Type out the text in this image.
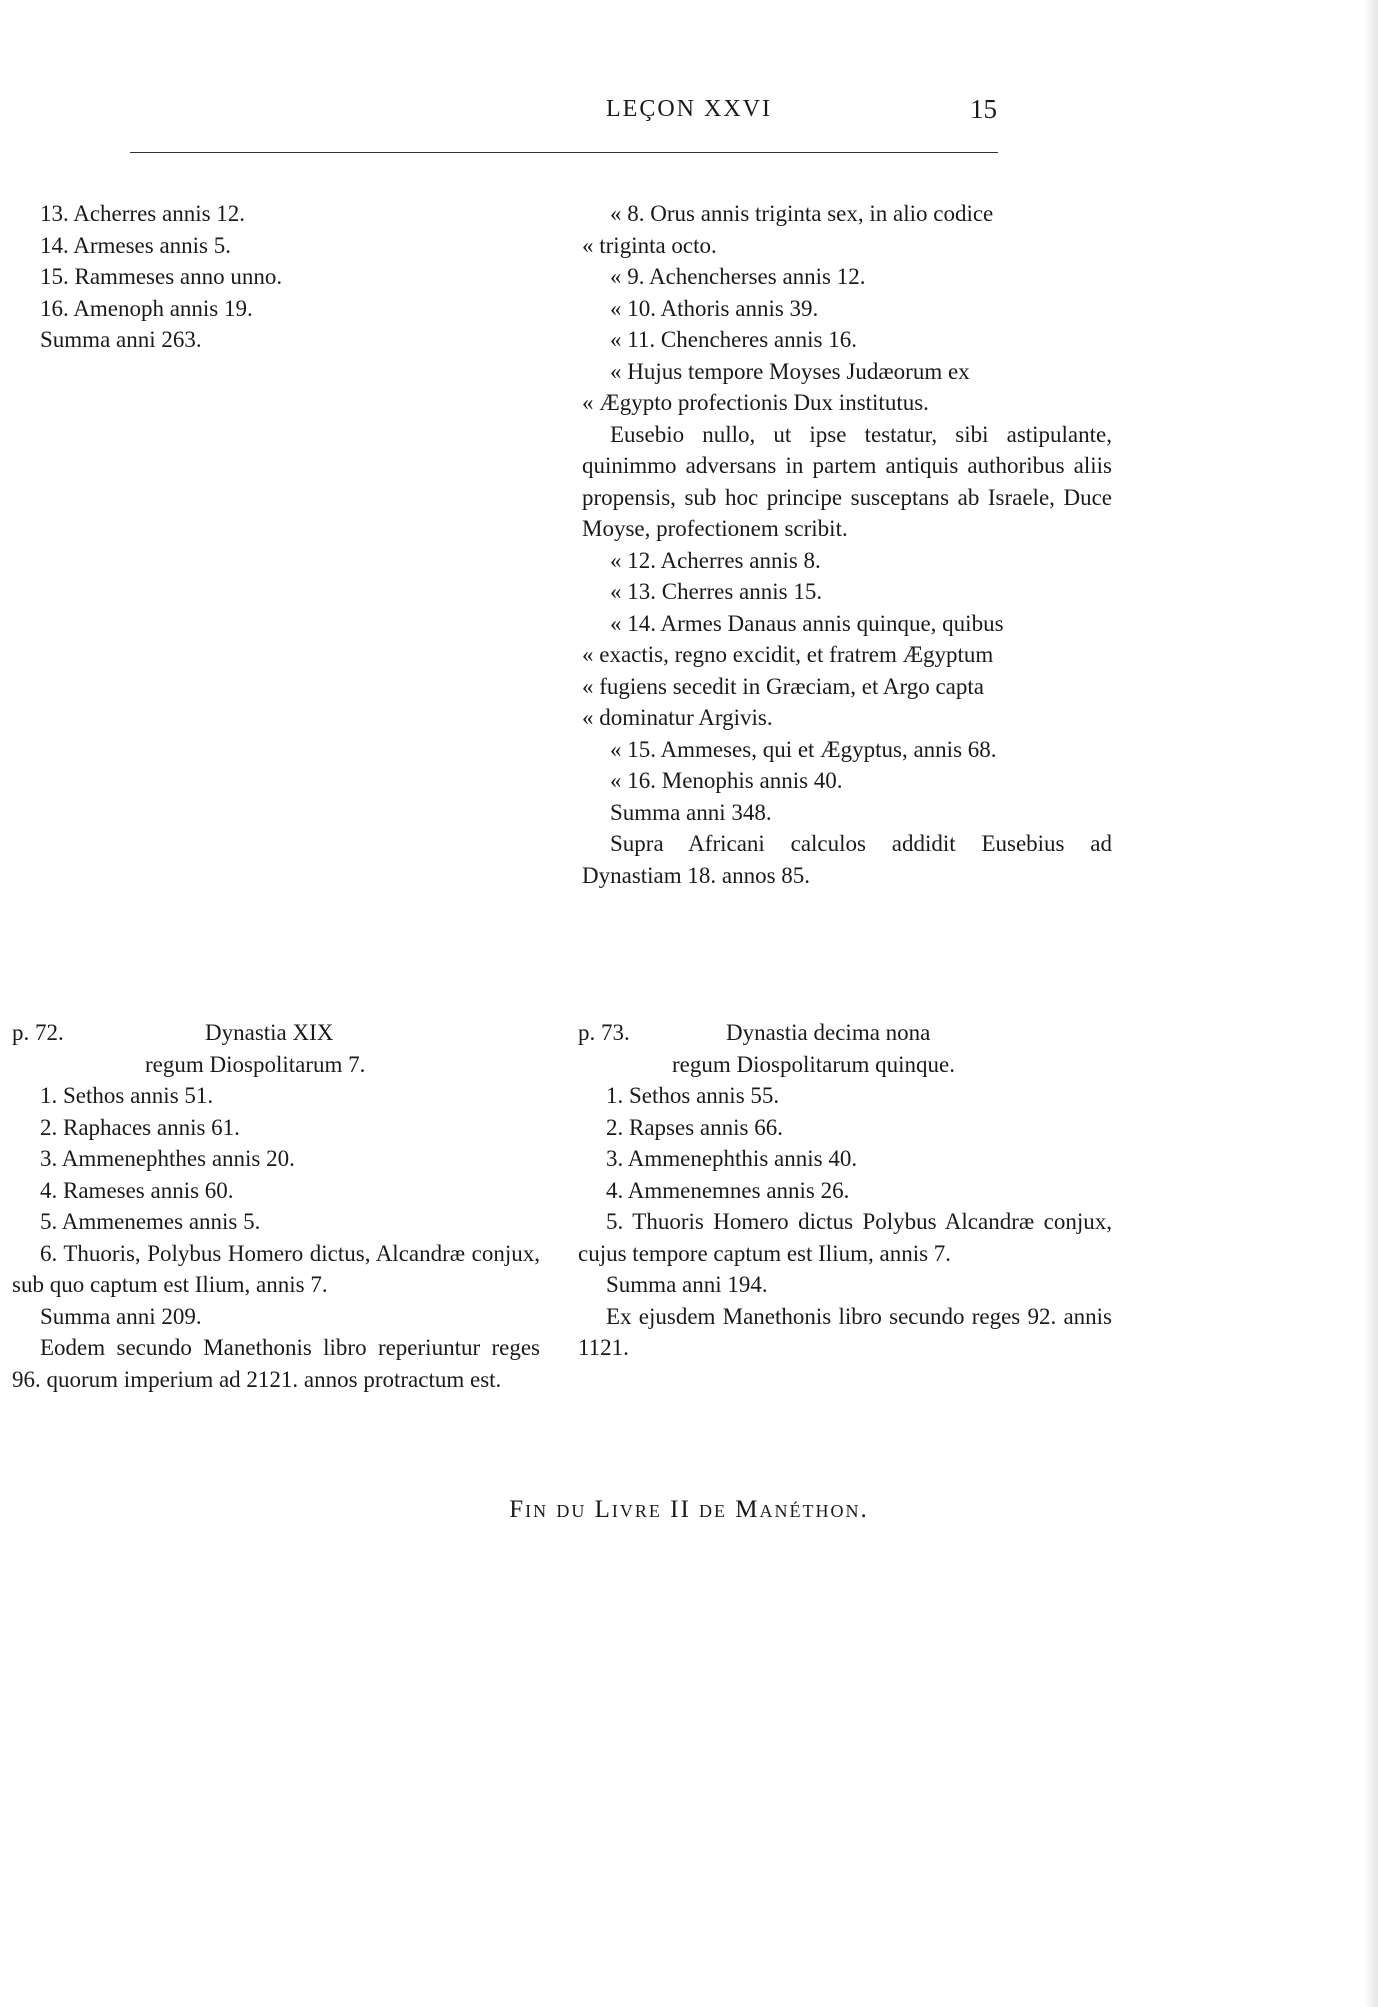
LEÇON XXVI	15
13. Acherres annis 12.
14. Armeses annis 5.
15. Rammeses anno unno.
16. Amenoph annis 19.
Summa anni 263.
« 8. Orus annis triginta sex, in alio codice
« triginta octo.
« 9. Achencherses annis 12.
« 10. Athoris annis 39.
« 11. Chencheres annis 16.
« Hujus tempore Moyses Judæorum ex
« Ægypto profectionis Dux institutus.
Eusebio nullo, ut ipse testatur, sibi astipulante, quinimmo adversans in partem antiquis authoribus aliis propensis, sub hoc principe susceptans ab Israele, Duce Moyse, profectionem scribit.
« 12. Acherres annis 8.
« 13. Cherres annis 15.
« 14. Armes Danaus annis quinque, quibus
« exactis, regno excidit, et fratrem Ægyptum
« fugiens secedit in Græciam, et Argo capta
« dominatur Argivis.
« 15. Ammeses, qui et Ægyptus, annis 68.
« 16. Menophis annis 40.
Summa anni 348.
Supra Africani calculos addidit Eusebius ad Dynastiam 18. annos 85.
p. 72.	Dynastia XIX
regum Diospolitarum 7.
1. Sethos annis 51.
2. Raphaces annis 61.
3. Ammenephthes annis 20.
4. Rameses annis 60.
5. Ammenemes annis 5.
6. Thuoris, Polybus Homero dictus, Alcandræ conjux, sub quo captum est Ilium, annis 7.
Summa anni 209.
Eodem secundo Manethonis libro reperiuntur reges 96. quorum imperium ad 2121. annos protractum est.
p. 73.	Dynastia decima nona
regum Diospolitarum quinque.
1. Sethos annis 55.
2. Rapses annis 66.
3. Ammenephthis annis 40.
4. Ammenemnes annis 26.
5. Thuoris Homero dictus Polybus Alcandræ conjux, cujus tempore captum est Ilium, annis 7.
Summa anni 194.
Ex ejusdem Manethonis libro secundo reges 92. annis 1121.
Fin du Livre II de Manéthon.
